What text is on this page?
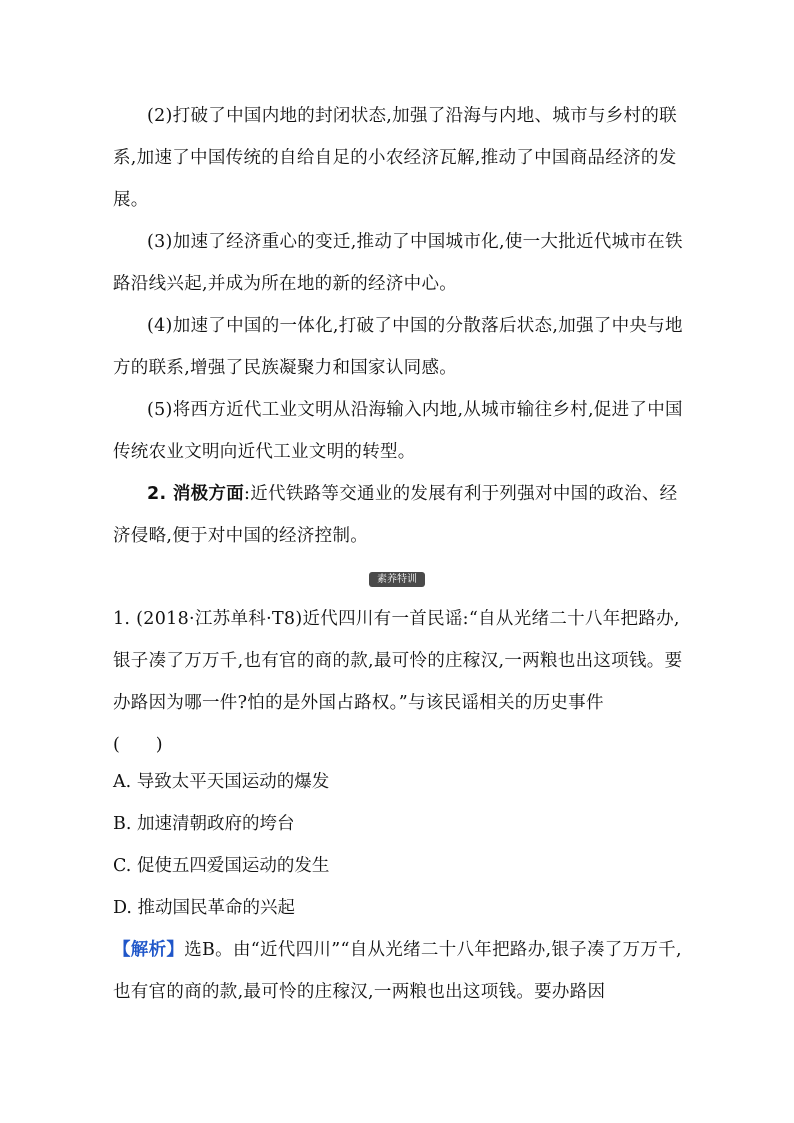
(2)打破了中国内地的封闭状态,加强了沿海与内地、城市与乡村的联系,加速了中国传统的自给自足的小农经济瓦解,推动了中国商品经济的发展。

(3)加速了经济重心的变迁,推动了中国城市化,使一大批近代城市在铁路沿线兴起,并成为所在地的新的经济中心。

(4)加速了中国的一体化,打破了中国的分散落后状态,加强了中央与地方的联系,增强了民族凝聚力和国家认同感。

(5)将西方近代工业文明从沿海输入内地,从城市输往乡村,促进了中国传统农业文明向近代工业文明的转型。

2. 消极方面:近代铁路等交通业的发展有利于列强对中国的政治、经济侵略,便于对中国的经济控制。

素养特训

1. (2018·江苏单科·T8)近代四川有一首民谣:“自从光绪二十八年把路办,银子凑了万万千,也有官的商的款,最可怜的庄稼汉,一两粮也出这项钱。要办路因为哪一件?怕的是外国占路权。”与该民谣相关的历史事件　　(　　)

A. 导致太平天国运动的爆发

B. 加速清朝政府的垮台

C. 促使五四爱国运动的发生

D. 推动国民革命的兴起

【解析】选B。由“近代四川”“自从光绪二十八年把路办,银子凑了万万千,也有官的商的款,最可怜的庄稼汉,一两粮也出这项钱。要办路因
